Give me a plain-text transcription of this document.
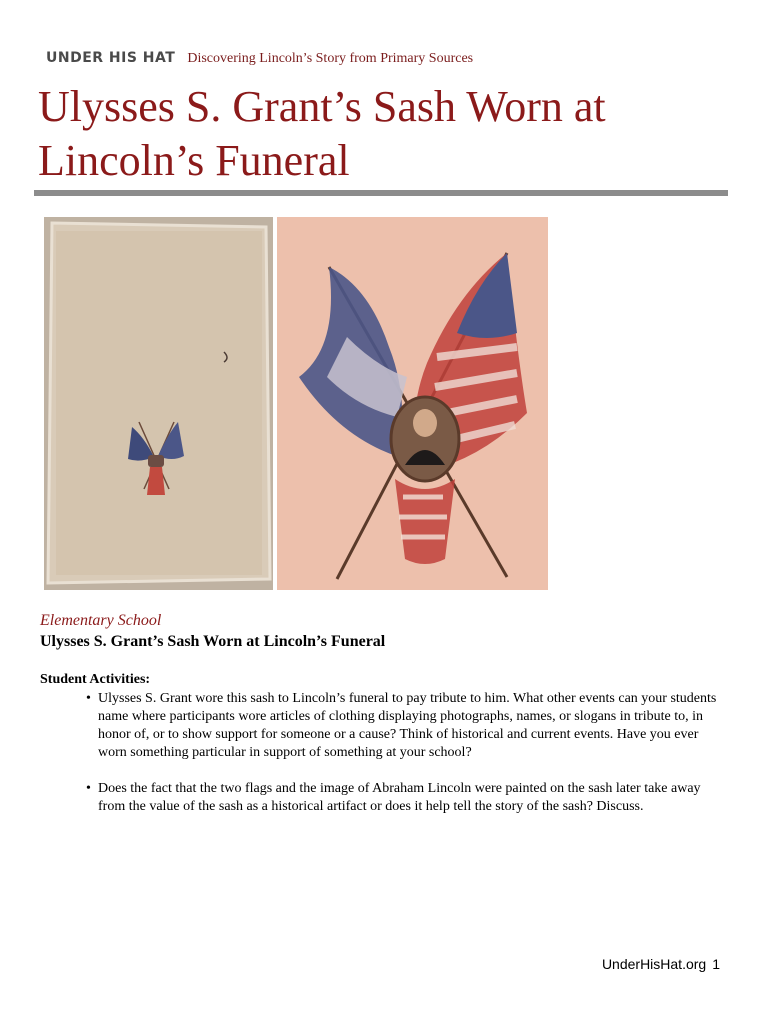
UNDER HIS HAT Discovering Lincoln’s Story from Primary Sources
Ulysses S. Grant’s Sash Worn at Lincoln’s Funeral
Elementary School
Ulysses S. Grant’s Sash Worn at Lincoln’s Funeral
Student Activities:
• Ulysses S. Grant wore this sash to Lincoln’s funeral to pay tribute to him. What other events can your students name where participants wore articles of clothing displaying photographs, names, or slogans in tribute to, in honor of, or to show support for someone or a cause? Think of historical and current events. Have you ever worn something particular in support of something at your school?
• Does the fact that the two flags and the image of Abraham Lincoln were painted on the sash later take away from the value of the sash as a historical artifact or does it help tell the story of the sash? Discuss.
UnderHisHat.org 1
